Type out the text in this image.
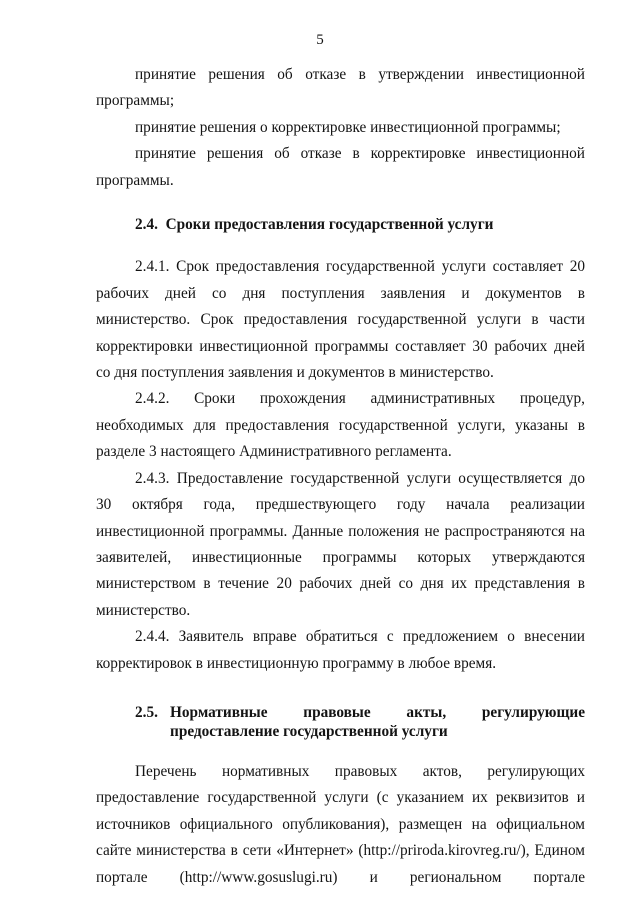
5

принятие решения об отказе в утверждении инвестиционной программы;

принятие решения о корректировке инвестиционной программы;

принятие решения об отказе в корректировке инвестиционной программы.

2.4. Сроки предоставления государственной услуги

2.4.1. Срок предоставления государственной услуги составляет 20 рабочих дней со дня поступления заявления и документов в министерство. Срок предоставления государственной услуги в части корректировки инвестиционной программы составляет 30 рабочих дней со дня поступления заявления и документов в министерство.

2.4.2. Сроки прохождения административных процедур, необходимых для предоставления государственной услуги, указаны в разделе 3 настоящего Административного регламента.

2.4.3. Предоставление государственной услуги осуществляется до 30 октября года, предшествующего году начала реализации инвестиционной программы. Данные положения не распространяются на заявителей, инвестиционные программы которых утверждаются министерством в течение 20 рабочих дней со дня их представления в министерство.

2.4.4. Заявитель вправе обратиться с предложением о внесении корректировок в инвестиционную программу в любое время.

2.5. Нормативные правовые акты, регулирующие
предоставление государственной услуги

Перечень нормативных правовых актов, регулирующих предоставление государственной услуги (с указанием их реквизитов и источников официального опубликования), размещен на официальном сайте министерства в сети «Интернет» (http://priroda.kirovreg.ru/), Едином портале (http://www.gosuslugi.ru) и региональном портале
